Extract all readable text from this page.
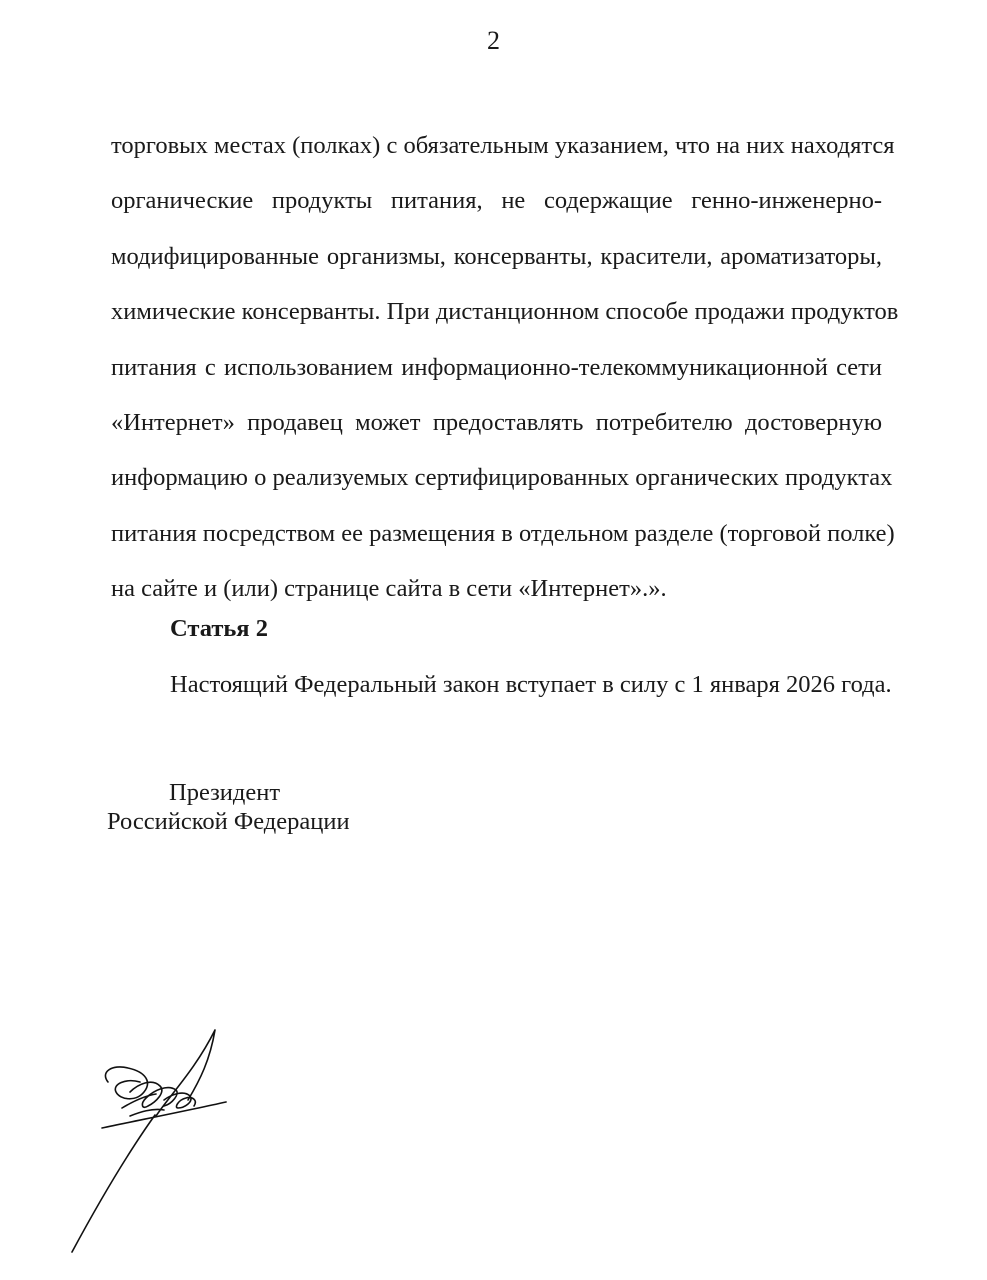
2
торговых местах (полках) с обязательным указанием, что на них находятся
органические продукты питания, не содержащие генно-инженерно-
модифицированные организмы, консерванты, красители, ароматизаторы,
химические консерванты. При дистанционном способе продажи продуктов
питания с использованием информационно-телекоммуникационной сети
«Интернет» продавец может предоставлять потребителю достоверную
информацию о реализуемых сертифицированных органических продуктах
питания посредством ее размещения в отдельном разделе (торговой полке)
на сайте и (или) странице сайта в сети «Интернет».».
Статья 2
Настоящий Федеральный закон вступает в силу с 1 января 2026 года.
Президент
Российской Федерации
